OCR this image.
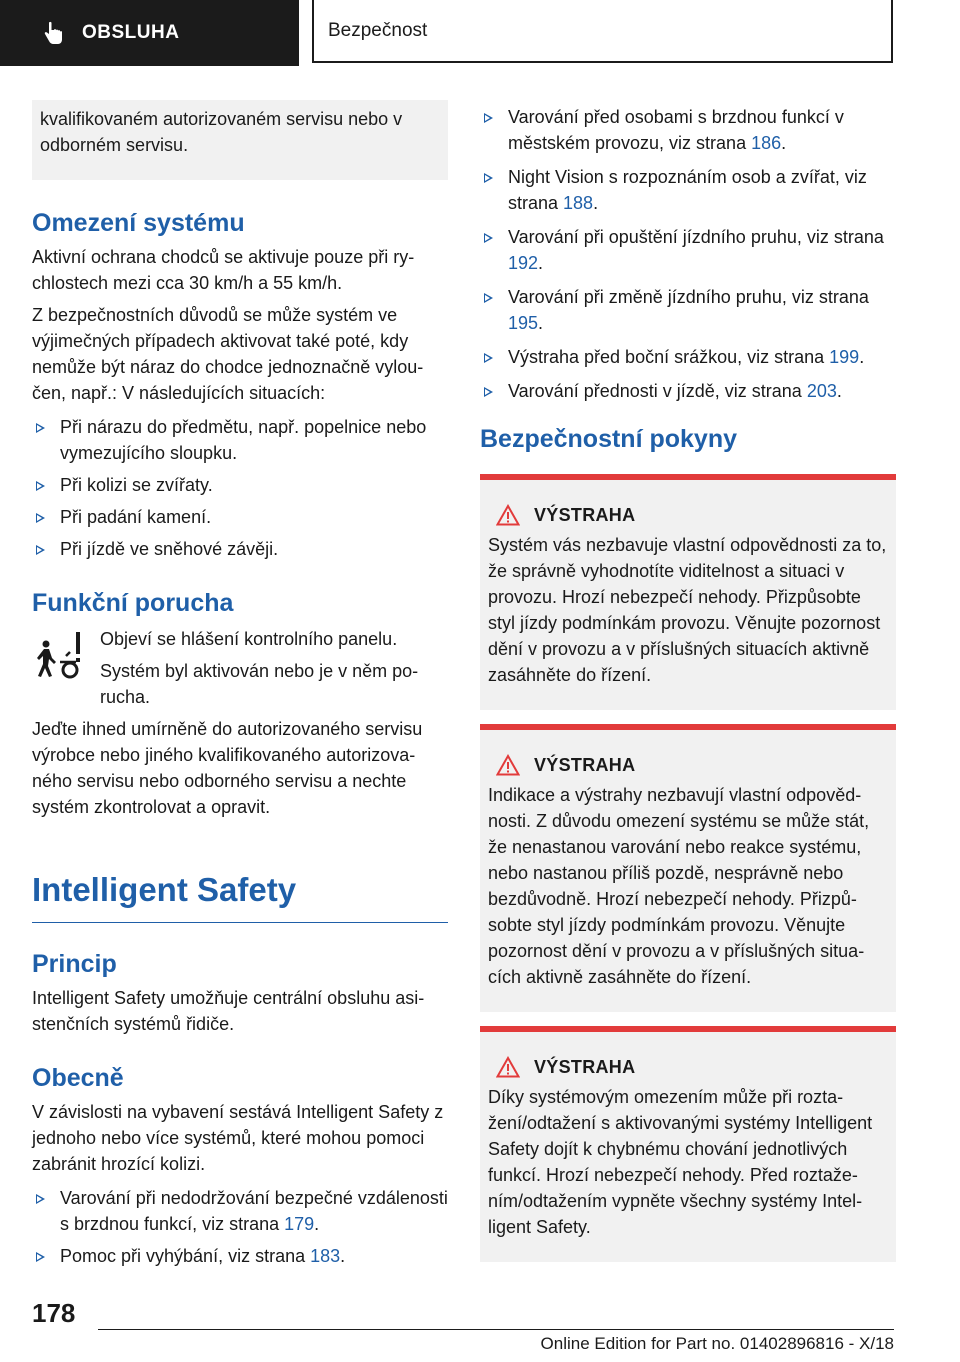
OBSLUHA	Bezpečnost
kvalifikovaném autorizovaném servisu nebo v odborném servisu.
Omezení systému

Aktivní ochrana chodců se aktivuje pouze při rychlostech mezi cca 30 km/h a 55 km/h.

Z bezpečnostních důvodů se může systém ve výjimečných případech aktivovat také poté, kdy nemůže být náraz do chodce jednoznačně vyloučen, např.: V následujících situacích:

Při nárazu do předmětu, např. popelnice nebo vymezujícího sloupku.
Při kolizi se zvířaty.
Při padání kamení.
Při jízdě ve sněhové závěji.
Funkční porucha

Objeví se hlášení kontrolního panelu.

Systém byl aktivován nebo je v něm porucha.

Jeďte ihned umírněně do autorizovaného servisu výrobce nebo jiného kvalifikovaného autorizovaného servisu nebo odborného servisu a nechte systém zkontrolovat a opravit.

Intelligent Safety
Princip

Intelligent Safety umožňuje centrální obsluhu asistenčních systémů řidiče.

Obecně

V závislosti na vybavení sestává Intelligent Safety z jednoho nebo více systémů, které mohou pomoci zabránit hrozící kolizi.

Varování při nedodržování bezpečné vzdálenosti s brzdnou funkcí, viz strana 179.
Pomoc při vyhýbání, viz strana 183.
Varování před osobami s brzdnou funkcí v městském provozu, viz strana 186.
Night Vision s rozpoznáním osob a zvířat, viz strana 188.
Varování při opuštění jízdního pruhu, viz strana 192.
Varování při změně jízdního pruhu, viz strana 195.
Výstraha před boční srážkou, viz strana 199.
Varování přednosti v jízdě, viz strana 203.
Bezpečnostní pokyny
VÝSTRAHA

Systém vás nezbavuje vlastní odpovědnosti za to, že správně vyhodnotíte viditelnost a situaci v provozu. Hrozí nebezpečí nehody. Přizpůsobte styl jízdy podmínkám provozu. Věnujte pozornost dění v provozu a v příslušných situacích aktivně zasáhněte do řízení.

VÝSTRAHA

Indikace a výstrahy nezbavují vlastní odpovědnosti. Z důvodu omezení systému se může stát, že nenastanou varování nebo reakce systému, nebo nastanou příliš pozdě, nesprávně nebo bezdůvodně. Hrozí nebezpečí nehody. Přizpůsobte styl jízdy podmínkám provozu. Věnujte pozornost dění v provozu a v příslušných situacích aktivně zasáhněte do řízení.

VÝSTRAHA

Díky systémovým omezením může při roztažení/odtažení s aktivovanými systémy Intelligent Safety dojít k chybnému chování jednotlivých funkcí. Hrozí nebezpečí nehody. Před roztažením/odtažením vypněte všechny systémy Intelligent Safety.

178
Online Edition for Part no. 01402896816 - X/18
